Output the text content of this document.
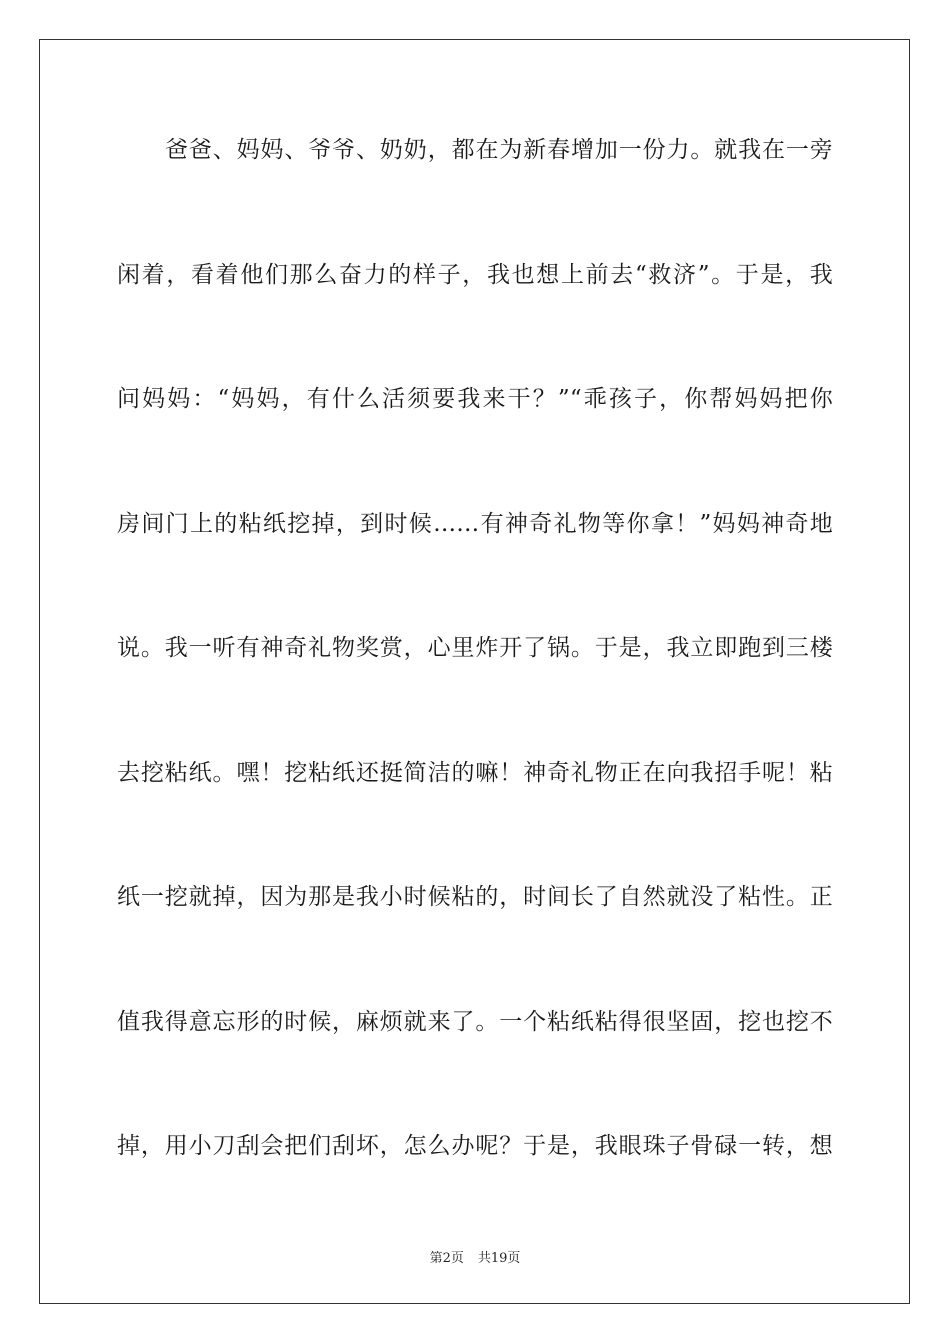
爸爸、妈妈、爷爷、奶奶，都在为新春增加一份力。就我在一旁
闲着，看着他们那么奋力的样子，我也想上前去“救济”。于是，我
问妈妈：“妈妈，有什么活须要我来干？”“乖孩子，你帮妈妈把你
房间门上的粘纸挖掉，到时候……有神奇礼物等你拿！”妈妈神奇地
说。我一听有神奇礼物奖赏，心里炸开了锅。于是，我立即跑到三楼
去挖粘纸。嘿！挖粘纸还挺简洁的嘛！神奇礼物正在向我招手呢！粘
纸一挖就掉，因为那是我小时候粘的，时间长了自然就没了粘性。正
值我得意忘形的时候，麻烦就来了。一个粘纸粘得很坚固，挖也挖不
掉，用小刀刮会把们刮坏，怎么办呢？于是，我眼珠子骨碌一转，想
第2页 共19页
